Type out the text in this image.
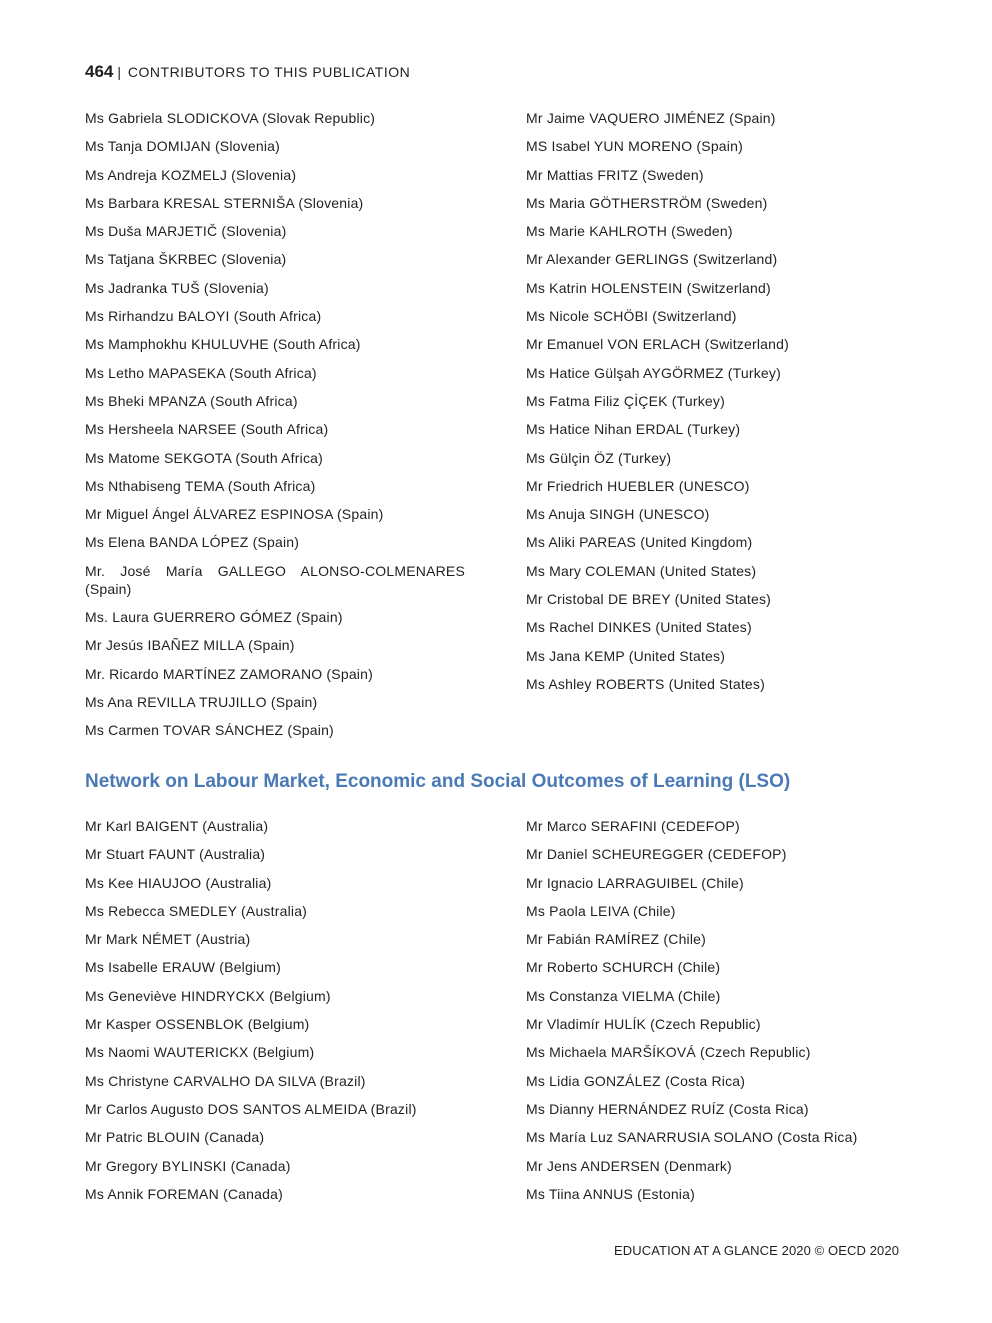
464 | CONTRIBUTORS TO THIS PUBLICATION
Ms Gabriela SLODICKOVA (Slovak Republic)
Ms Tanja DOMIJAN (Slovenia)
Ms Andreja KOZMELJ (Slovenia)
Ms Barbara KRESAL STERNIŠA (Slovenia)
Ms Duša MARJETIČ (Slovenia)
Ms Tatjana ŠKRBEC (Slovenia)
Ms Jadranka TUŠ (Slovenia)
Ms Rirhandzu BALOYI (South Africa)
Ms Mamphokhu KHULUVHE (South Africa)
Ms Letho MAPASEKA (South Africa)
Ms Bheki MPANZA (South Africa)
Ms Hersheela NARSEE (South Africa)
Ms Matome SEKGOTA (South Africa)
Ms Nthabiseng TEMA (South Africa)
Mr Miguel Ángel ÁLVAREZ ESPINOSA (Spain)
Ms Elena BANDA LÓPEZ (Spain)
Mr. José María GALLEGO ALONSO-COLMENARES (Spain)
Ms. Laura GUERRERO GÓMEZ (Spain)
Mr Jesús IBAÑEZ MILLA (Spain)
Mr. Ricardo MARTÍNEZ ZAMORANO (Spain)
Ms Ana REVILLA TRUJILLO (Spain)
Ms Carmen TOVAR SÁNCHEZ (Spain)
Mr Jaime VAQUERO JIMÉNEZ (Spain)
MS Isabel YUN MORENO (Spain)
Mr Mattias FRITZ (Sweden)
Ms Maria GÖTHERSTRÖM (Sweden)
Ms Marie KAHLROTH (Sweden)
Mr Alexander GERLINGS (Switzerland)
Ms Katrin HOLENSTEIN (Switzerland)
Ms Nicole SCHÖBI (Switzerland)
Mr Emanuel VON ERLACH (Switzerland)
Ms Hatice Gülşah AYGÖRMEZ (Turkey)
Ms Fatma Filiz ÇİÇEK (Turkey)
Ms Hatice Nihan ERDAL (Turkey)
Ms Gülçin ÖZ (Turkey)
Mr Friedrich HUEBLER (UNESCO)
Ms Anuja SINGH (UNESCO)
Ms Aliki PAREAS (United Kingdom)
Ms Mary COLEMAN (United States)
Mr Cristobal DE BREY (United States)
Ms Rachel DINKES (United States)
Ms Jana KEMP (United States)
Ms Ashley ROBERTS (United States)
Network on Labour Market, Economic and Social Outcomes of Learning (LSO)
Mr Karl BAIGENT (Australia)
Mr Stuart FAUNT (Australia)
Ms Kee HIAUJOO (Australia)
Ms Rebecca SMEDLEY (Australia)
Mr Mark NÉMET (Austria)
Ms Isabelle ERAUW (Belgium)
Ms Geneviève HINDRYCKX (Belgium)
Mr Kasper OSSENBLOK (Belgium)
Ms Naomi WAUTERICKX (Belgium)
Ms Christyne CARVALHO DA SILVA (Brazil)
Mr Carlos Augusto DOS SANTOS ALMEIDA (Brazil)
Mr Patric BLOUIN (Canada)
Mr Gregory BYLINSKI (Canada)
Ms Annik FOREMAN (Canada)
Mr Marco SERAFINI (CEDEFOP)
Mr Daniel SCHEUREGGER (CEDEFOP)
Mr Ignacio LARRAGUIBEL (Chile)
Ms Paola LEIVA (Chile)
Mr Fabián RAMÍREZ (Chile)
Mr Roberto SCHURCH (Chile)
Ms Constanza VIELMA (Chile)
Mr Vladimír HULÍK (Czech Republic)
Ms Michaela MARŠÍKOVÁ (Czech Republic)
Ms Lidia GONZÁLEZ (Costa Rica)
Ms Dianny HERNÁNDEZ RUÍZ (Costa Rica)
Ms María Luz SANARRUSIA SOLANO (Costa Rica)
Mr Jens ANDERSEN (Denmark)
Ms Tiina ANNUS (Estonia)
EDUCATION AT A GLANCE 2020 © OECD 2020
